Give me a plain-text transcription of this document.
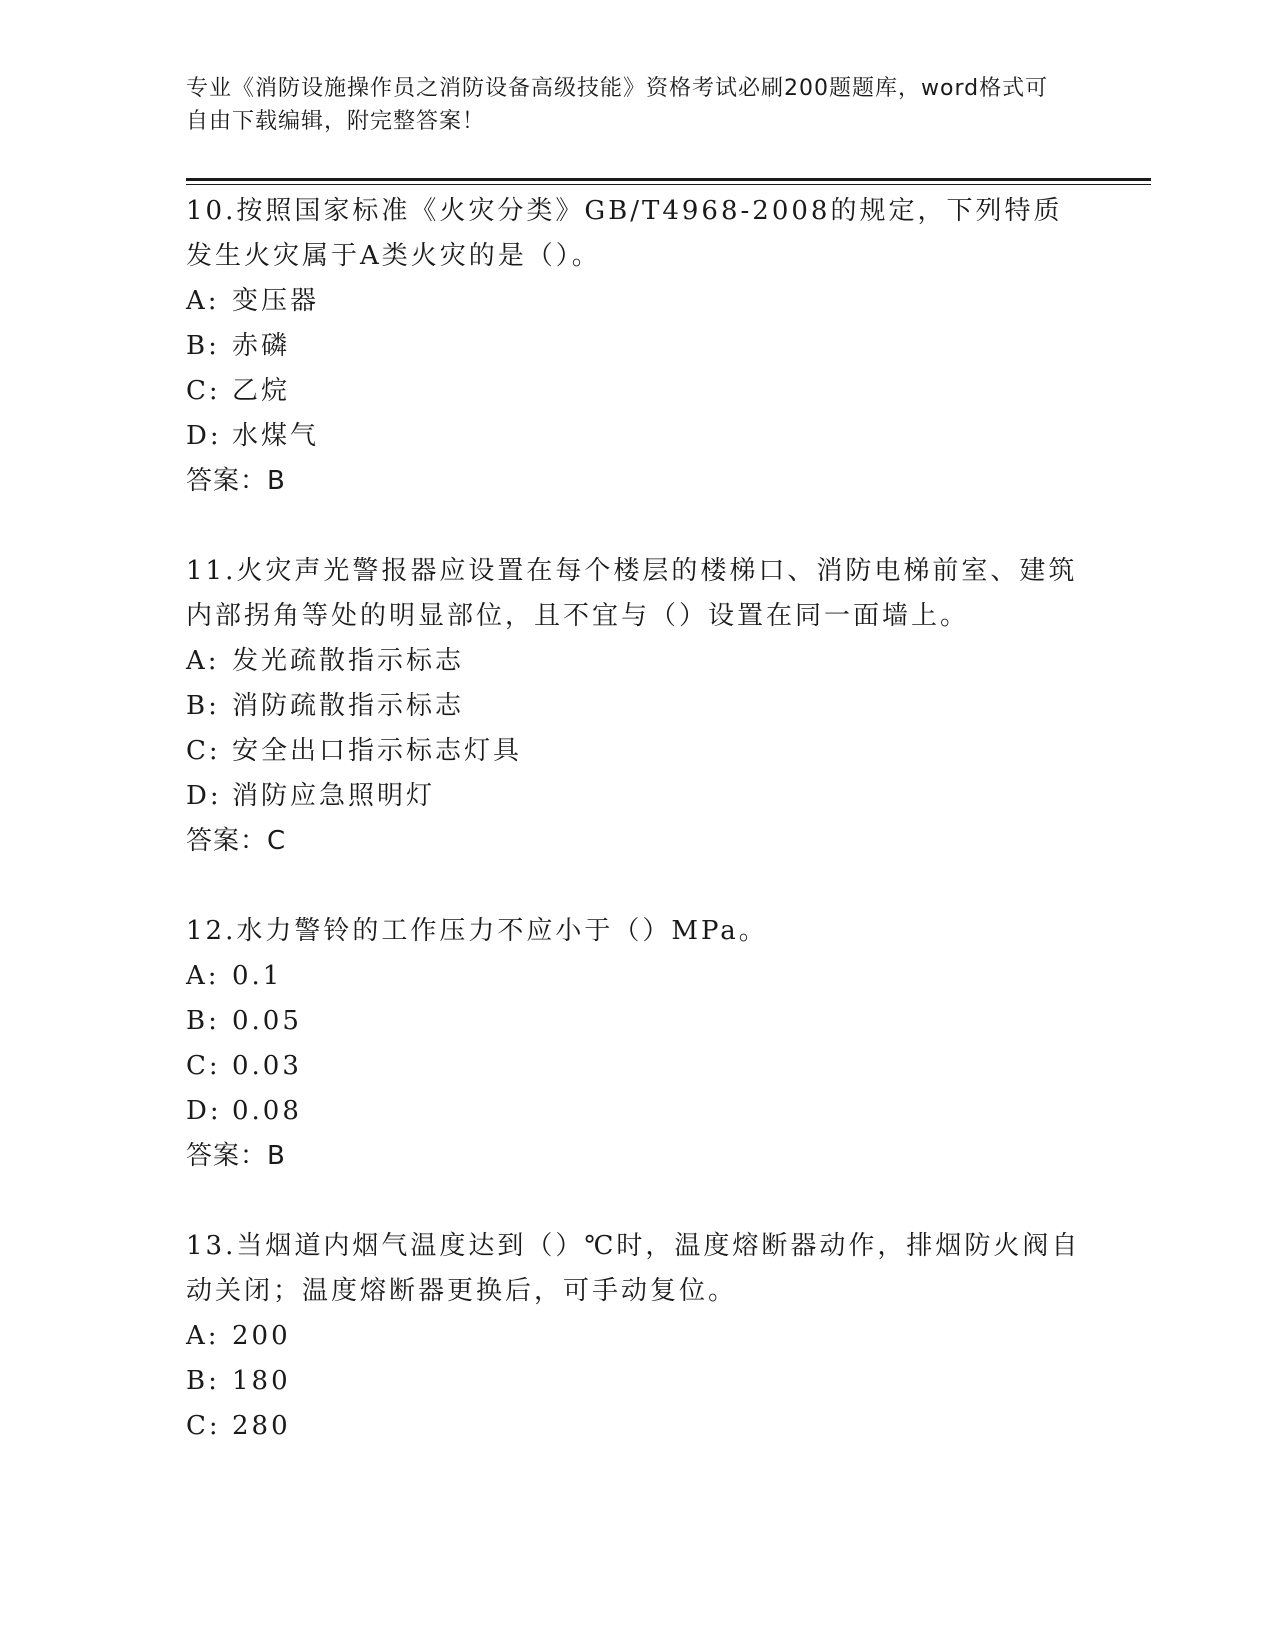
专业《消防设施操作员之消防设备高级技能》资格考试必刷200题题库，word格式可自由下载编辑，附完整答案！
10.按照国家标准《火灾分类》GB/T4968-2008的规定，下列特质发生火灾属于A类火灾的是（）。
A: 变压器
B: 赤磷
C: 乙烷
D: 水煤气
答案：B
11.火灾声光警报器应设置在每个楼层的楼梯口、消防电梯前室、建筑内部拐角等处的明显部位，且不宜与（）设置在同一面墙上。
A: 发光疏散指示标志
B: 消防疏散指示标志
C: 安全出口指示标志灯具
D: 消防应急照明灯
答案：C
12.水力警铃的工作压力不应小于（）MPa。
A: 0.1
B: 0.05
C: 0.03
D: 0.08
答案：B
13.当烟道内烟气温度达到（）℃时，温度熔断器动作，排烟防火阀自动关闭；温度熔断器更换后，可手动复位。
A: 200
B: 180
C: 280
